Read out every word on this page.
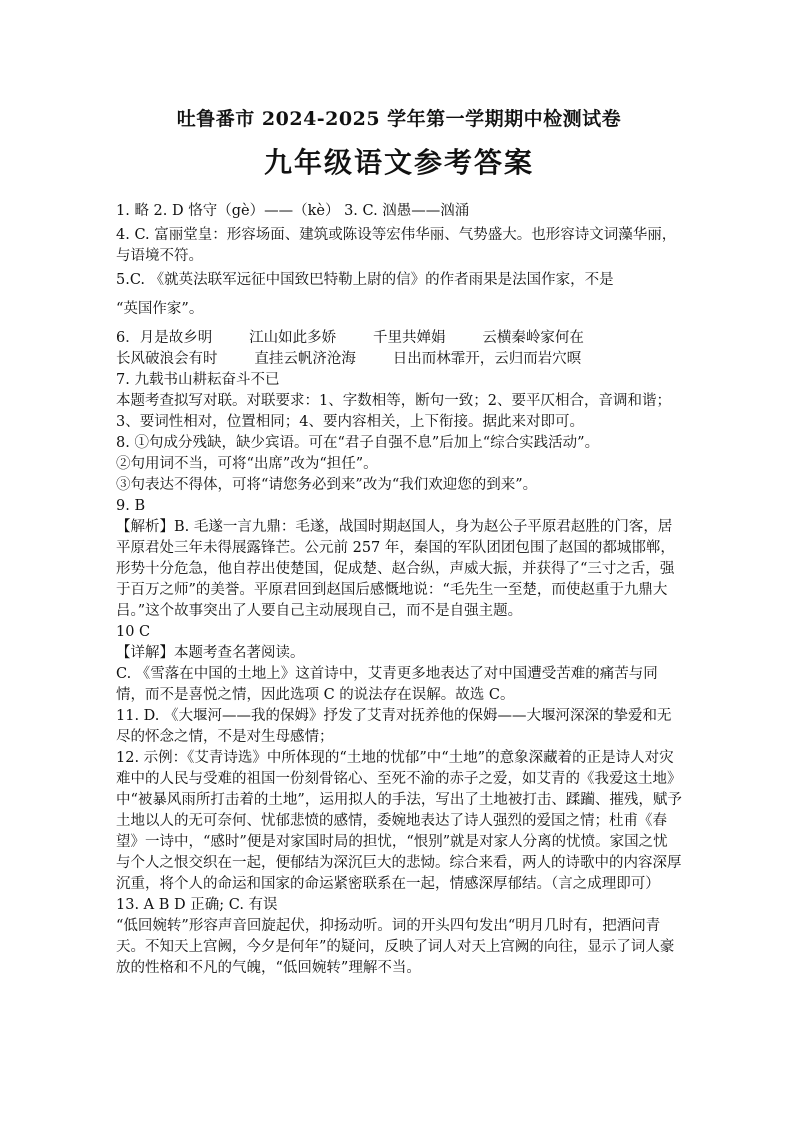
吐鲁番市 2024-2025 学年第一学期期中检测试卷
九年级语文参考答案

1. 略 2. D 恪守（gè）——（kè） 3. C. 汹愚——汹涌

4. C. 富丽堂皇：形容场面、建筑或陈设等宏伟华丽、气势盛大。也形容诗文词藻华丽，与语境不符。

5.C. 《就英法联军远征中国致巴特勒上尉的信》的作者雨果是法国作家，不是

“英国作家”。

6．月是故乡明        江山如此多娇        千里共婵娟        云横秦岭家何在

长风破浪会有时        直挂云帆济沧海        日出而林霏开，云归而岩穴暝

7. 九载书山耕耘奋斗不已

本题考查拟写对联。对联要求：1、字数相等，断句一致；2、要平仄相合，音调和谐；3、要词性相对，位置相同；4、要内容相关，上下衔接。据此来对即可。

8. ①句成分残缺，缺少宾语。可在“君子自强不息”后加上“综合实践活动”。

②句用词不当，可将“出席”改为“担任”。

③句表达不得体，可将“请您务必到来”改为“我们欢迎您的到来”。

9. B

【解析】B. 毛遂一言九鼎：毛遂，战国时期赵国人，身为赵公子平原君赵胜的门客，居平原君处三年未得展露锋芒。公元前 257 年，秦国的军队团团包围了赵国的都城邯郸，形势十分危急，他自荐出使楚国，促成楚、赵合纵，声威大振，并获得了“三寸之舌，强于百万之师”的美誉。平原君回到赵国后感慨地说：“毛先生一至楚，而使赵重于九鼎大吕。”这个故事突出了人要自己主动展现自己，而不是自强主题。

10 C

【详解】本题考查名著阅读。

C. 《雪落在中国的土地上》这首诗中，艾青更多地表达了对中国遭受苦难的痛苦与同情，而不是喜悦之情，因此选项 C 的说法存在误解。故选 C。

11. D. 《大堰河——我的保姆》抒发了艾青对抚养他的保姆——大堰河深深的挚爱和无尽的怀念之情，不是对生母感情；

12. 示例：《艾青诗选》中所体现的“土地的忧郁”中“土地”的意象深藏着的正是诗人对灾难中的人民与受难的祖国一份刻骨铭心、至死不渝的赤子之爱，如艾青的《我爱这土地》中“被暴风雨所打击着的土地”，运用拟人的手法，写出了土地被打击、蹂躏、摧残，赋予土地以人的无可奈何、忧郁悲愤的感情，委婉地表达了诗人强烈的爱国之情；杜甫《春望》一诗中，“感时”便是对家国时局的担忧，“恨别”就是对家人分离的忧愤。家国之忧与个人之恨交织在一起，便郁结为深沉巨大的悲恸。综合来看，两人的诗歌中的内容深厚沉重，将个人的命运和国家的命运紧密联系在一起，情感深厚郁结。（言之成理即可）

13. A B D 正确; C. 有误

“低回婉转”形容声音回旋起伏，抑扬动听。词的开头四句发出“明月几时有，把酒问青天。不知天上宫阙，今夕是何年”的疑问，反映了词人对天上宫阙的向往，显示了词人豪放的性格和不凡的气魄，“低回婉转”理解不当。
